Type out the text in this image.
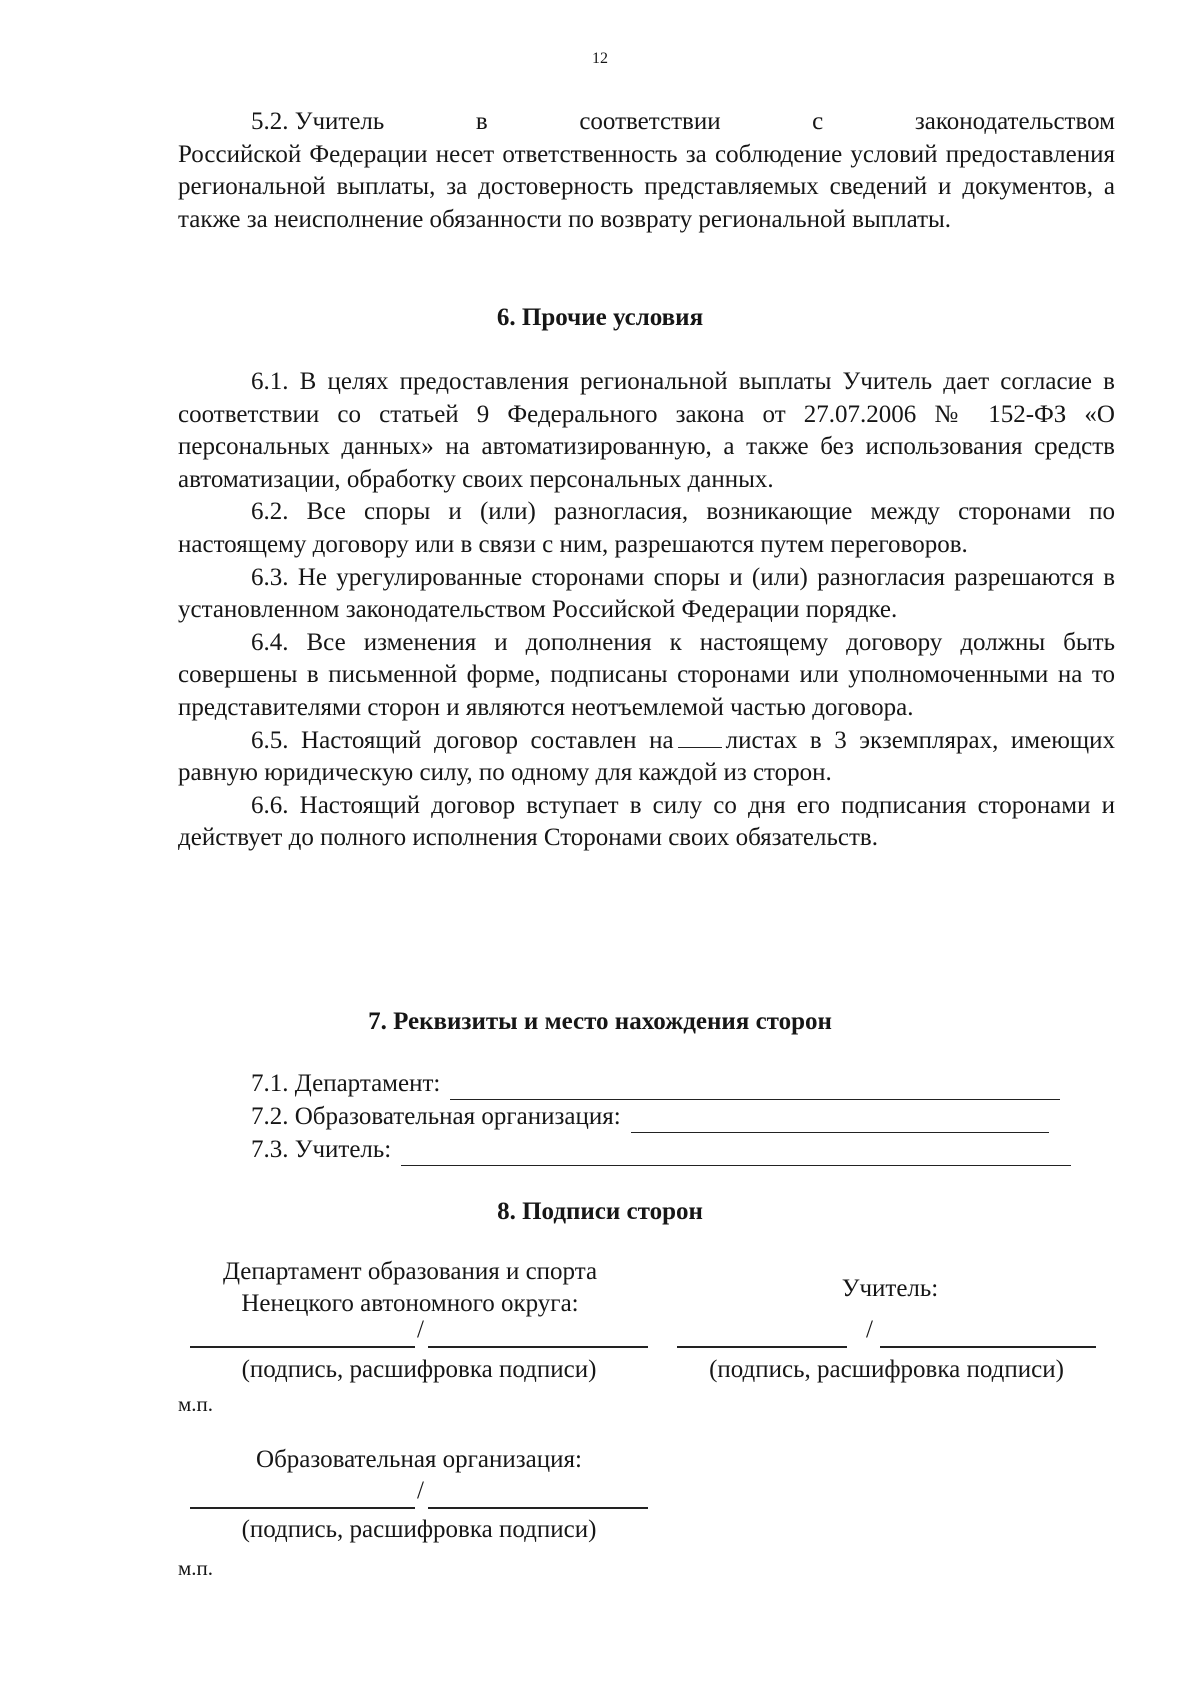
12
5.2. Учитель	в	соответствии	с	законодательством
Российской Федерации несет ответственность за соблюдение условий предоставления региональной выплаты, за достоверность представляемых сведений и документов, а также за неисполнение обязанности по возврату региональной выплаты.
6. Прочие условия
6.1. В целях предоставления региональной выплаты Учитель дает согласие в соответствии со статьей 9 Федерального закона от 27.07.2006 № 152-ФЗ «О персональных данных» на автоматизированную, а также без использования средств автоматизации, обработку своих персональных данных.
6.2. Все споры и (или) разногласия, возникающие между сторонами по настоящему договору или в связи с ним, разрешаются путем переговоров.
6.3. Не урегулированные сторонами споры и (или) разногласия разрешаются в установленном законодательством Российской Федерации порядке.
6.4. Все изменения и дополнения к настоящему договору должны быть совершены в письменной форме, подписаны сторонами или уполномоченными на то представителями сторон и являются неотъемлемой частью договора.
6.5. Настоящий договор составлен на листах в 3 экземплярах, имеющих равную юридическую силу, по одному для каждой из сторон.
6.6. Настоящий договор вступает в силу со дня его подписания сторонами и действует до полного исполнения Сторонами своих обязательств.
7. Реквизиты и место нахождения сторон
7.1. Департамент:
7.2. Образовательная организация:
7.3. Учитель:
8. Подписи сторон
Департамент образования и спорта
Ненецкого автономного округа:
Учитель:
/	/
(подпись, расшифровка подписи)	(подпись, расшифровка подписи)
м.п.
Образовательная организация:
/
(подпись, расшифровка подписи)
м.п.
